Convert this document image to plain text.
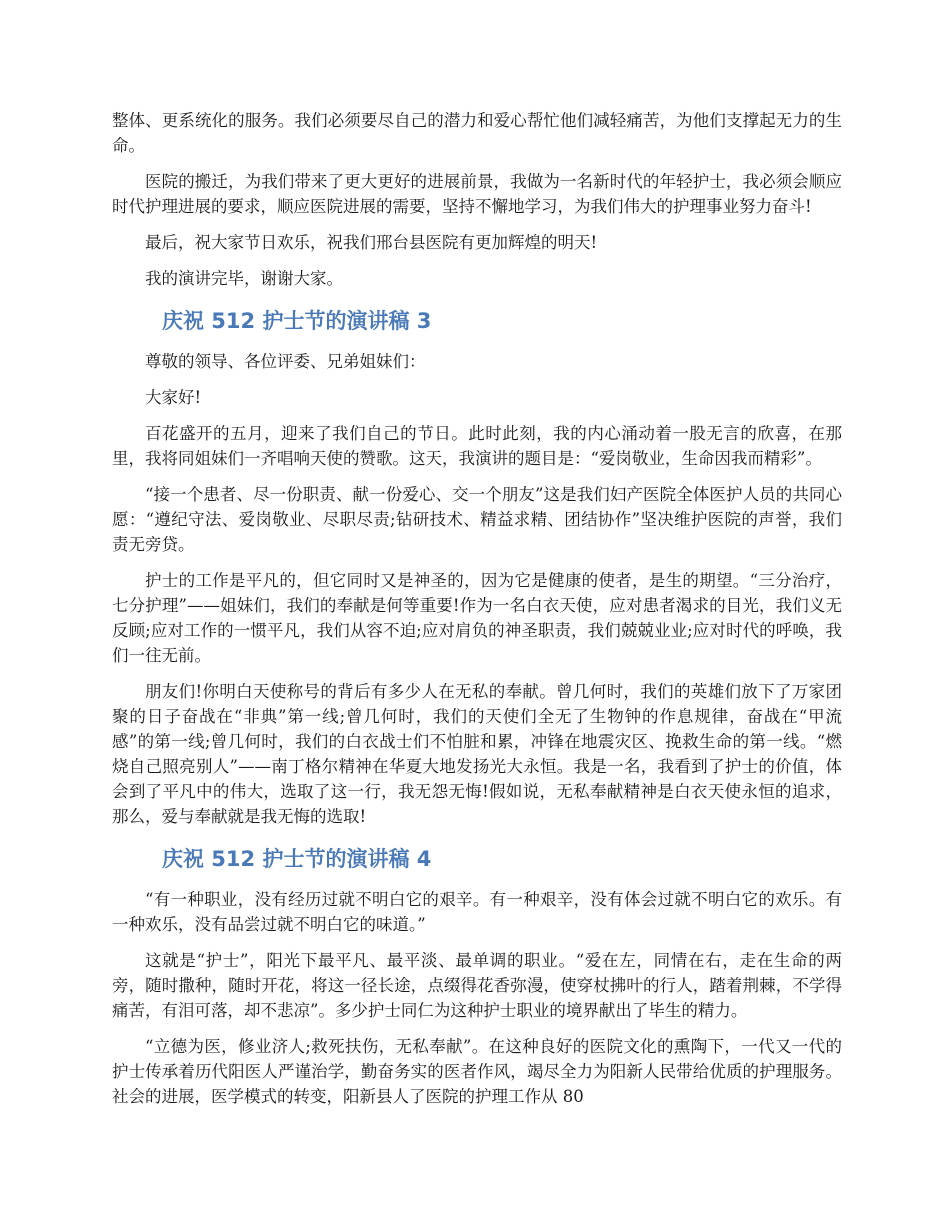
整体、更系统化的服务。我们必须要尽自己的潜力和爱心帮忙他们减轻痛苦，为他们支撑起无力的生命。

医院的搬迁，为我们带来了更大更好的进展前景，我做为一名新时代的年轻护士，我必须会顺应时代护理进展的要求，顺应医院进展的需要，坚持不懈地学习，为我们伟大的护理事业努力奋斗!

最后，祝大家节日欢乐，祝我们邢台县医院有更加辉煌的明天!

我的演讲完毕，谢谢大家。

庆祝 512 护士节的演讲稿 3

尊敬的领导、各位评委、兄弟姐妹们：

大家好!

百花盛开的五月，迎来了我们自己的节日。此时此刻，我的内心涌动着一股无言的欣喜，在那里，我将同姐妹们一齐唱响天使的赞歌。这天，我演讲的题目是：“爱岗敬业，生命因我而精彩”。

“接一个患者、尽一份职责、献一份爱心、交一个朋友”这是我们妇产医院全体医护人员的共同心愿：“遵纪守法、爱岗敬业、尽职尽责;钻研技术、精益求精、团结协作”坚决维护医院的声誉，我们责无旁贷。

护士的工作是平凡的，但它同时又是神圣的，因为它是健康的使者，是生的期望。“三分治疗，七分护理”——姐妹们，我们的奉献是何等重要!作为一名白衣天使，应对患者渴求的目光，我们义无反顾;应对工作的一惯平凡，我们从容不迫;应对肩负的神圣职责，我们兢兢业业;应对时代的呼唤，我们一往无前。

朋友们!你明白天使称号的背后有多少人在无私的奉献。曾几何时，我们的英雄们放下了万家团聚的日子奋战在“非典”第一线;曾几何时，我们的天使们全无了生物钟的作息规律，奋战在“甲流感”的第一线;曾几何时，我们的白衣战士们不怕脏和累，冲锋在地震灾区、挽救生命的第一线。“燃烧自己照亮别人”——南丁格尔精神在华夏大地发扬光大永恒。我是一名，我看到了护士的价值，体会到了平凡中的伟大，选取了这一行，我无怨无悔!假如说，无私奉献精神是白衣天使永恒的追求，那么，爱与奉献就是我无悔的选取!

庆祝 512 护士节的演讲稿 4

“有一种职业，没有经历过就不明白它的艰辛。有一种艰辛，没有体会过就不明白它的欢乐。有一种欢乐，没有品尝过就不明白它的味道。”

这就是“护士”，阳光下最平凡、最平淡、最单调的职业。“爱在左，同情在右，走在生命的两旁，随时撒种，随时开花，将这一径长途，点缀得花香弥漫，使穿杖拂叶的行人，踏着荆棘，不学得痛苦，有泪可落，却不悲凉”。多少护士同仁为这种护士职业的境界献出了毕生的精力。

“立德为医，修业济人;救死扶伤，无私奉献”。在这种良好的医院文化的熏陶下，一代又一代的护士传承着历代阳医人严谨治学，勤奋务实的医者作风，竭尽全力为阳新人民带给优质的护理服务。社会的进展，医学模式的转变，阳新县人了医院的护理工作从 80
